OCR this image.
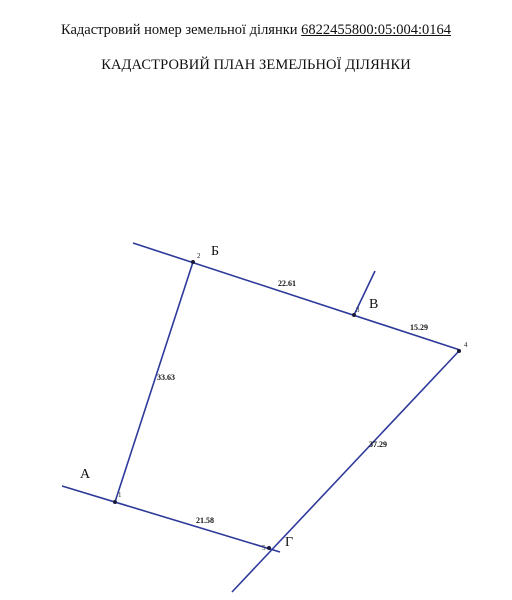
Кадастровий номер земельної ділянки 6822455800:05:004:0164
КАДАСТРОВИЙ ПЛАН ЗЕМЕЛЬНОЇ ДІЛЯНКИ
1
2
3
4
5
А
Б
В
Г
33.63
22.61
15.29
37.29
21.58
